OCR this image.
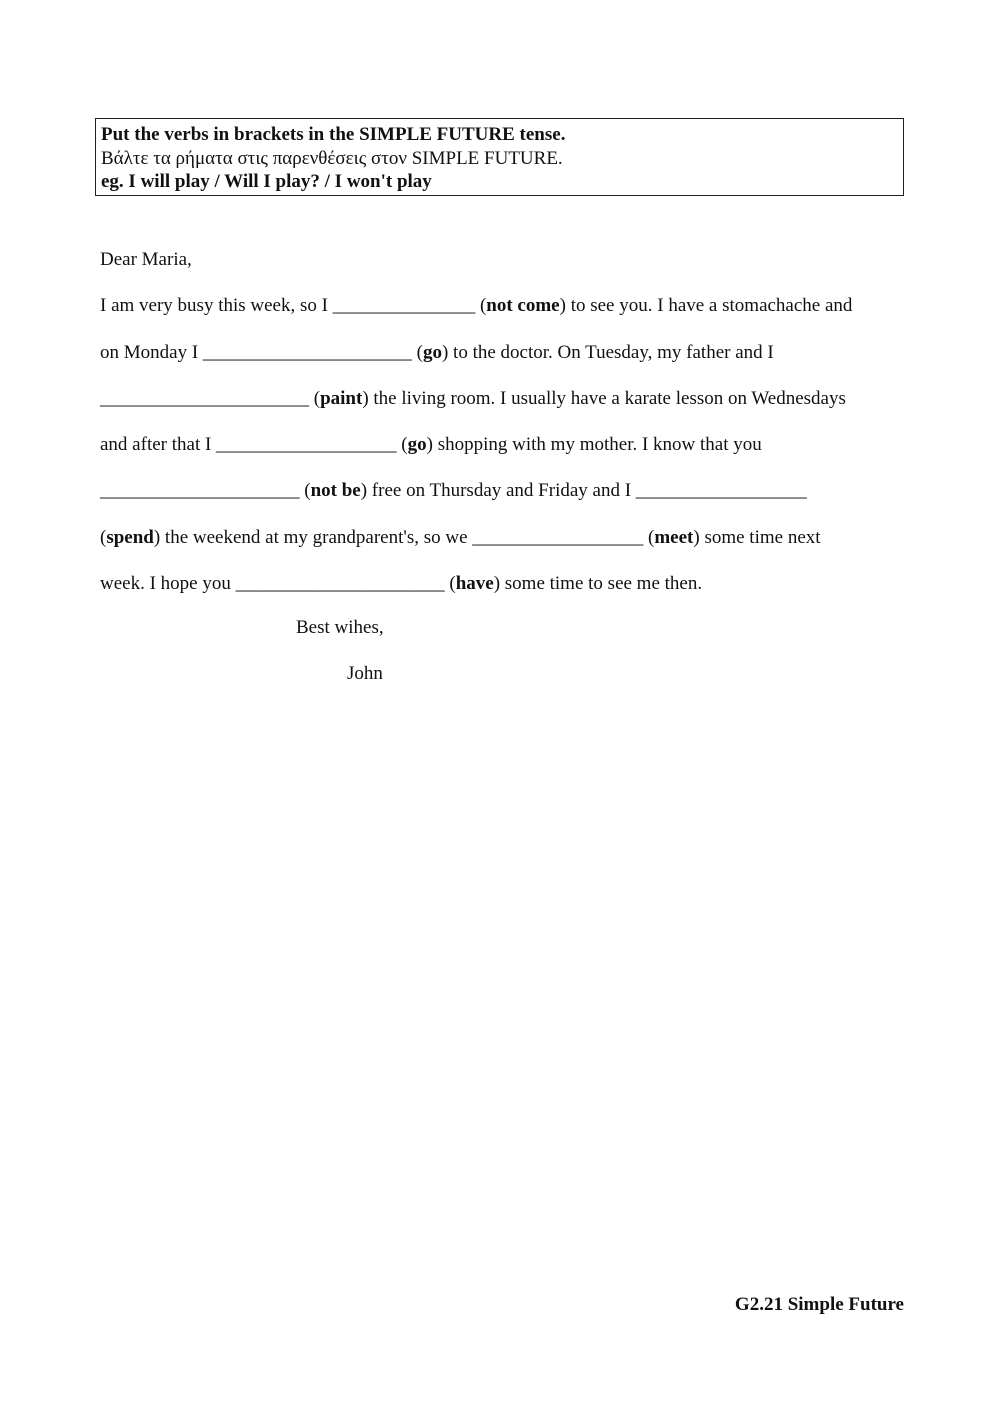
Put the verbs in brackets in the SIMPLE FUTURE tense.
Βάλτε τα ρήματα στις παρενθέσεις στον SIMPLE FUTURE.
eg. I will play / Will I play? / I won't play
Dear Maria,
I am very busy this week, so I _______________ (not come) to see you. I have a stomachache and
on Monday I ______________________ (go) to the doctor. On Tuesday, my father and I
______________________ (paint) the living room. I usually have a karate lesson on Wednesdays
and after that I ___________________ (go) shopping with my mother. I know that you
_____________________ (not be) free on Thursday and Friday and I __________________
(spend) the weekend at my grandparent's, so we __________________ (meet) some time next
week. I hope you ______________________ (have) some time to see me then.
Best wihes,
John
G2.21 Simple Future
